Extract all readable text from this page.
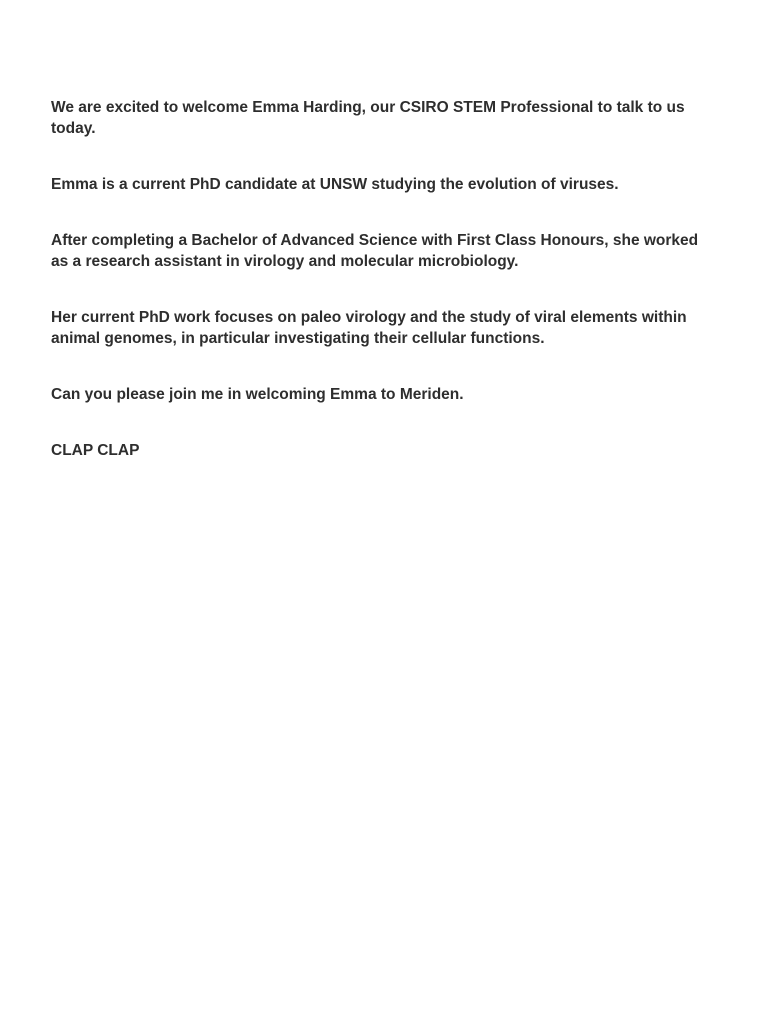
We are excited to welcome Emma Harding, our CSIRO STEM Professional to talk to us today.

Emma is a current PhD candidate at UNSW studying the evolution of viruses.

After completing a Bachelor of Advanced Science with First Class Honours, she worked as a research assistant in virology and molecular microbiology.

Her current PhD work focuses on paleo virology and the study of viral elements within animal genomes, in particular investigating their cellular functions.

Can you please join me in welcoming Emma to Meriden.

CLAP CLAP
